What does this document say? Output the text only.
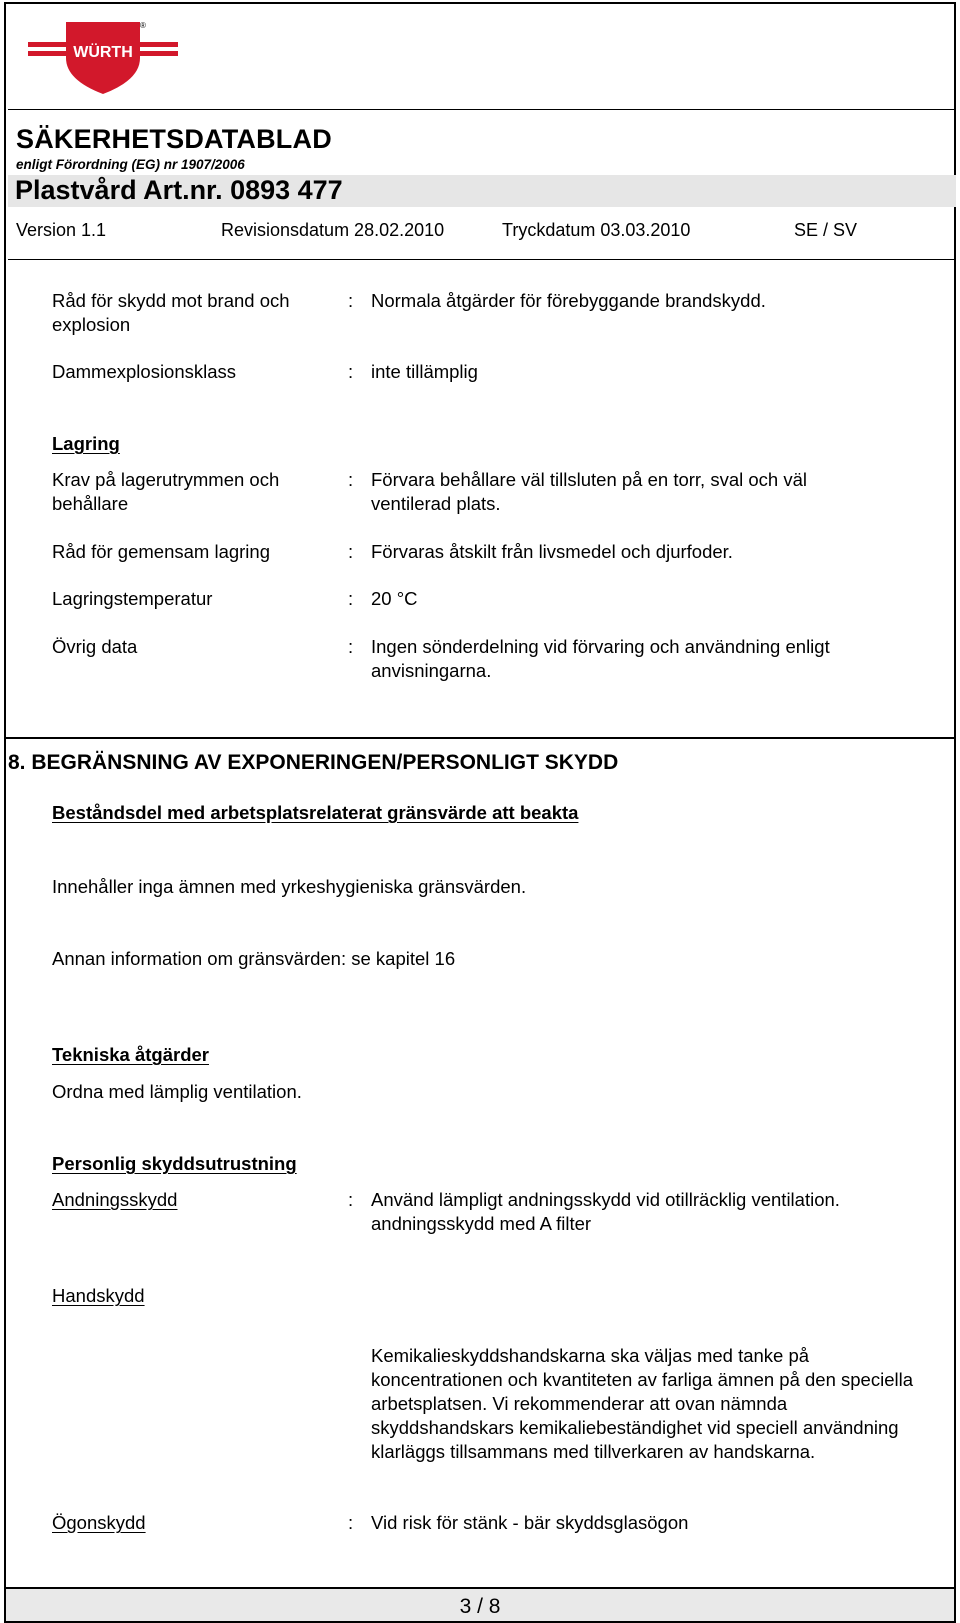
WÜRTH
®
SÄKERHETSDATABLAD
enligt Förordning (EG) nr 1907/2006
Plastvård Art.nr. 0893 477
Version 1.1	Revisionsdatum 28.02.2010	Tryckdatum 03.03.2010	SE / SV
Råd för skydd mot brand och explosion
: Normala åtgärder för förebyggande brandskydd.
Dammexplosionsklass	: inte tillämplig
Lagring
Krav på lagerutrymmen och behållare
: Förvara behållare väl tillsluten på en torr, sval och väl ventilerad plats.
Råd för gemensam lagring	: Förvaras åtskilt från livsmedel och djurfoder.
Lagringstemperatur	: 20 °C
Övrig data	: Ingen sönderdelning vid förvaring och användning enligt anvisningarna.
8. BEGRÄNSNING AV EXPONERINGEN/PERSONLIGT SKYDD
Beståndsdel med arbetsplatsrelaterat gränsvärde att beakta
Innehåller inga ämnen med yrkeshygieniska gränsvärden.
Annan information om gränsvärden: se kapitel 16
Tekniska åtgärder
Ordna med lämplig ventilation.
Personlig skyddsutrustning
Andningsskydd	: Använd lämpligt andningsskydd vid otillräcklig ventilation.
andningsskydd med A filter
Handskydd
Kemikalieskyddshandskarna ska väljas med tanke på koncentrationen och kvantiteten av farliga ämnen på den speciella arbetsplatsen. Vi rekommenderar att ovan nämnda skyddshandskars kemikaliebeständighet vid speciell användning klarläggs tillsammans med tillverkaren av handskarna.
Ögonskydd	: Vid risk för stänk - bär skyddsglasögon
3 / 8
